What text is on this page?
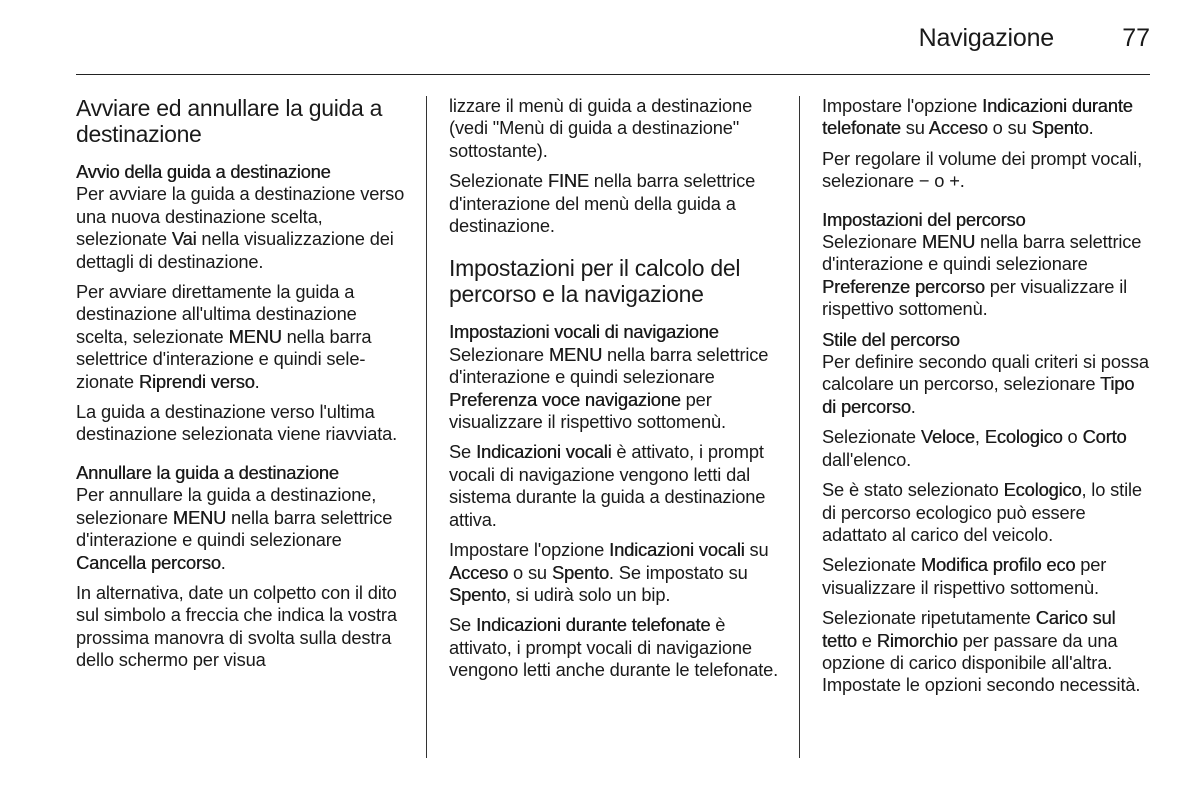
Navigazione	77
Avviare ed annullare la guida a destinazione
Avvio della guida a destinazione

Per avviare la guida a destinazione verso una nuova destinazione scelta, selezionate Vai nella visualizzazione dei dettagli di destinazione.

Per avviare direttamente la guida a destinazione all'ultima destinazione scelta, selezionate MENU nella barra selettrice d'interazione e quindi selezionate Riprendi verso.

La guida a destinazione verso l'ultima destinazione selezionata viene riavviata.

Annullare la guida a destinazione

Per annullare la guida a destinazione, selezionare MENU nella barra selettrice d'interazione e quindi selezionare Cancella percorso.

In alternativa, date un colpetto con il dito sul simbolo a freccia che indica la vostra prossima manovra di svolta sulla destra dello schermo per visua

lizzare il menù di guida a destinazione (vedi "Menù di guida a destinazione" sottostante).

Selezionate FINE nella barra selettrice d'interazione del menù della guida a destinazione.

Impostazioni per il calcolo del percorso e la navigazione
Impostazioni vocali di navigazione

Selezionare MENU nella barra selettrice d'interazione e quindi selezionare Preferenza voce navigazione per visualizzare il rispettivo sottomenù.

Se Indicazioni vocali è attivato, i prompt vocali di navigazione vengono letti dal sistema durante la guida a destinazione attiva.

Impostare l'opzione Indicazioni vocali su Acceso o su Spento. Se impostato su Spento, si udirà solo un bip.

Se Indicazioni durante telefonate è attivato, i prompt vocali di navigazione vengono letti anche durante le telefonate.

Impostare l'opzione Indicazioni durante telefonate su Acceso o su Spento.

Per regolare il volume dei prompt vocali, selezionare − o +.

Impostazioni del percorso

Selezionare MENU nella barra selettrice d'interazione e quindi selezionare Preferenze percorso per visualizzare il rispettivo sottomenù.

Stile del percorso

Per definire secondo quali criteri si possa calcolare un percorso, selezionare Tipo di percorso.

Selezionate Veloce, Ecologico o Corto dall'elenco.

Se è stato selezionato Ecologico, lo stile di percorso ecologico può essere adattato al carico del veicolo.

Selezionate Modifica profilo eco per visualizzare il rispettivo sottomenù.

Selezionate ripetutamente Carico sul tetto e Rimorchio per passare da una opzione di carico disponibile all'altra. Impostate le opzioni secondo necessità.
